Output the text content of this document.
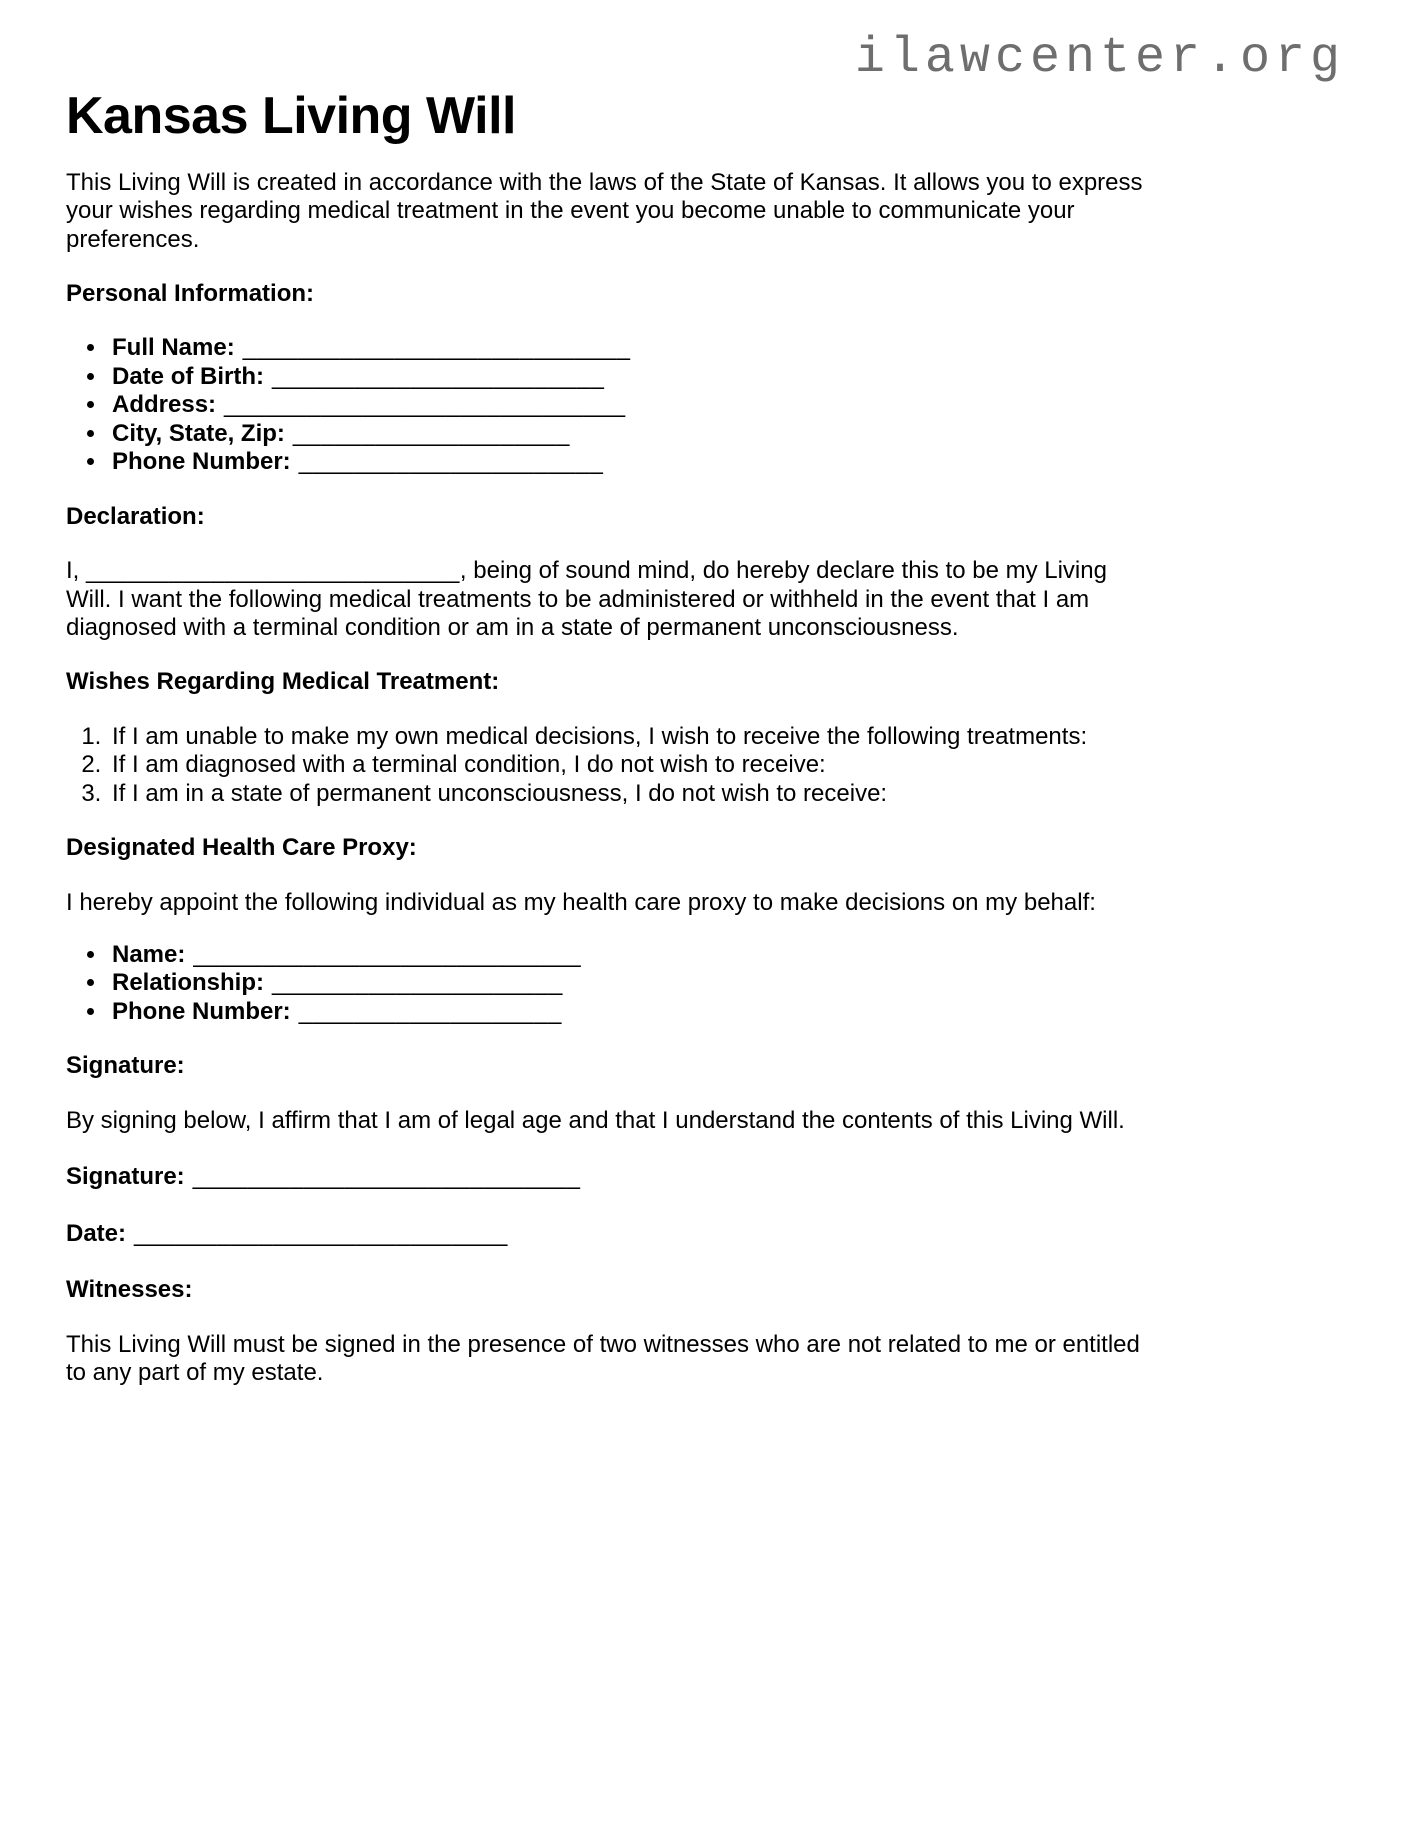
ilawcenter.org
Kansas Living Will

This Living Will is created in accordance with the laws of the State of Kansas. It allows you to express your wishes regarding medical treatment in the event you become unable to communicate your preferences.

Personal Information:
• Full Name: ____________________________
• Date of Birth: ________________________
• Address: _____________________________
• City, State, Zip: ____________________
• Phone Number: ______________________
Declaration:

I, ___________________________, being of sound mind, do hereby declare this to be my Living Will. I want the following medical treatments to be administered or withheld in the event that I am diagnosed with a terminal condition or am in a state of permanent unconsciousness.

Wishes Regarding Medical Treatment:
1. If I am unable to make my own medical decisions, I wish to receive the following treatments:
2. If I am diagnosed with a terminal condition, I do not wish to receive:
3. If I am in a state of permanent unconsciousness, I do not wish to receive:
Designated Health Care Proxy:

I hereby appoint the following individual as my health care proxy to make decisions on my behalf:

• Name: ____________________________
• Relationship: _____________________
• Phone Number: ___________________
Signature:

By signing below, I affirm that I am of legal age and that I understand the contents of this Living Will.

Signature: ____________________________

Date: ___________________________

Witnesses:

This Living Will must be signed in the presence of two witnesses who are not related to me or entitled to any part of my estate.
